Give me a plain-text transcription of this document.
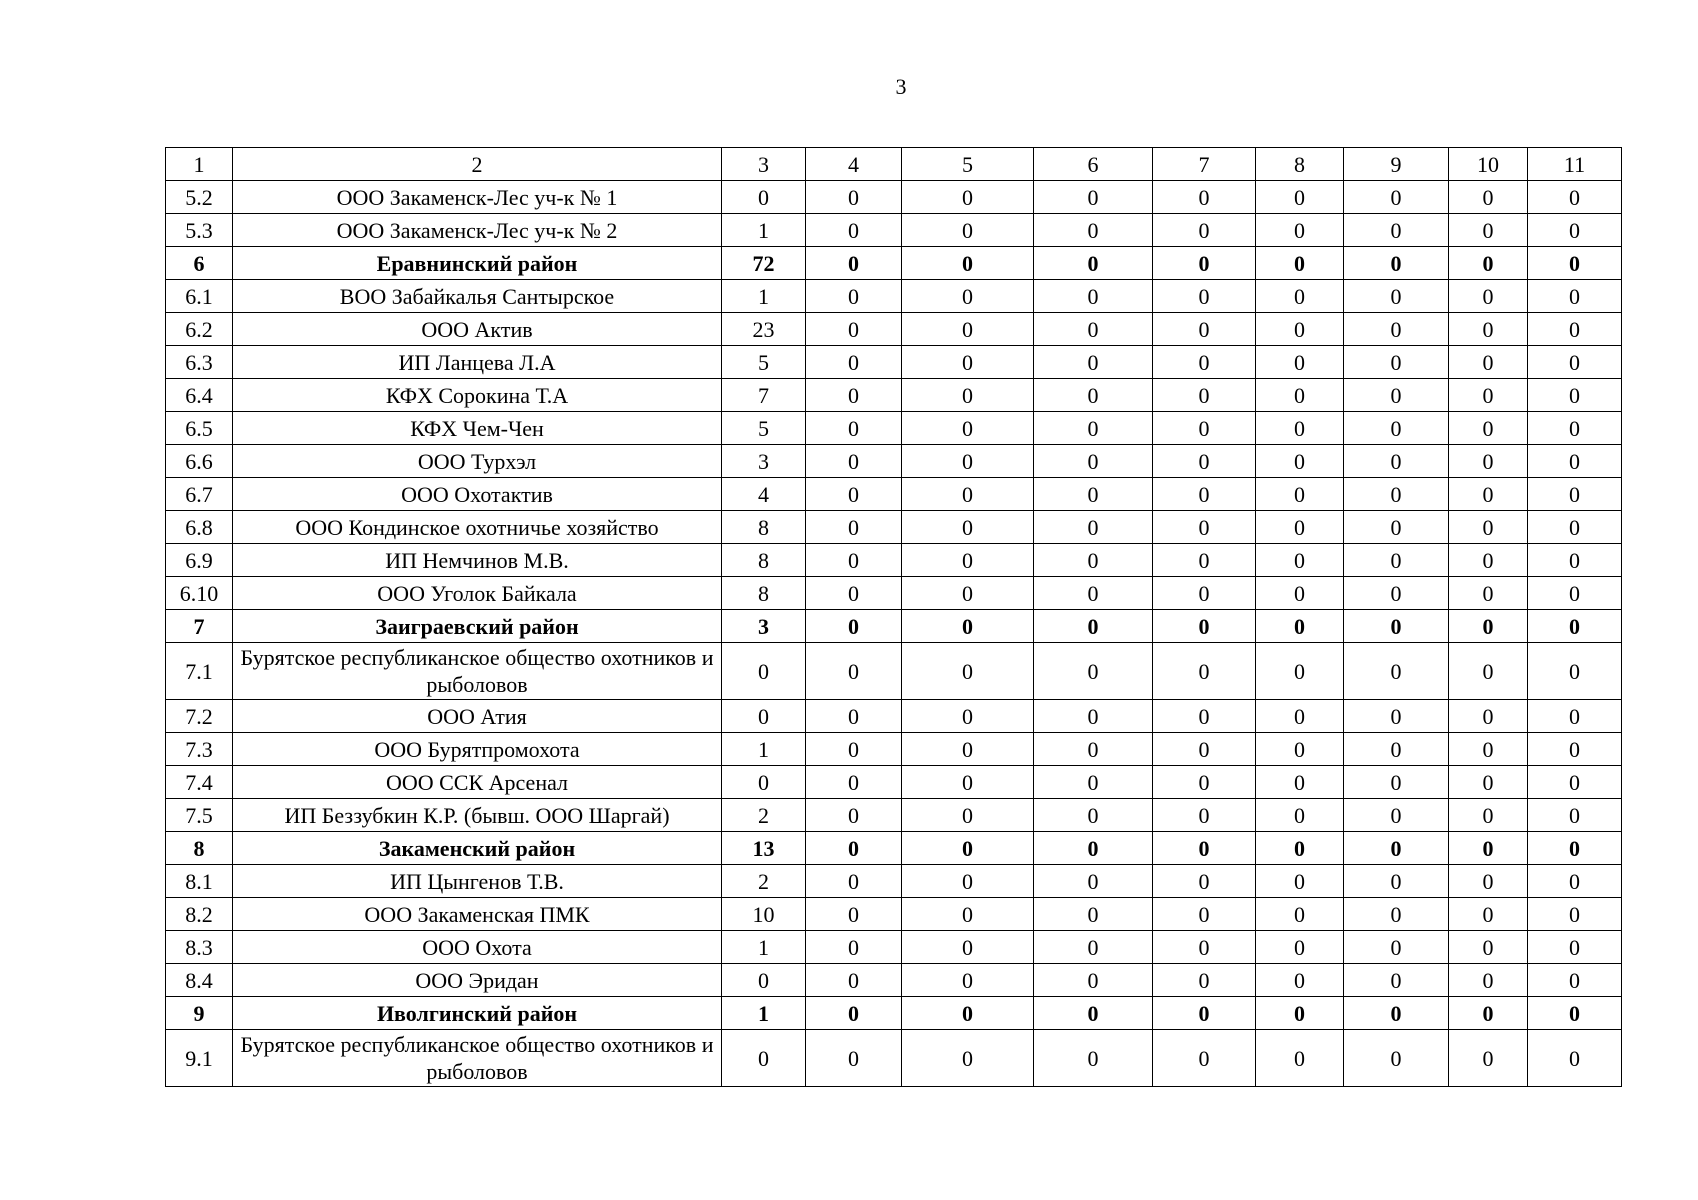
3
1	2	3	4	5	6	7	8	9	10	11
5.2	ООО Закаменск-Лес уч-к № 1	0	0	0	0	0	0	0	0	0
5.3	ООО Закаменск-Лес уч-к № 2	1	0	0	0	0	0	0	0	0
6	Еравнинский район	72	0	0	0	0	0	0	0	0
6.1	ВОО Забайкалья Сантырское	1	0	0	0	0	0	0	0	0
6.2	ООО Актив	23	0	0	0	0	0	0	0	0
6.3	ИП Ланцева Л.А	5	0	0	0	0	0	0	0	0
6.4	КФХ Сорокина Т.А	7	0	0	0	0	0	0	0	0
6.5	КФХ Чем-Чен	5	0	0	0	0	0	0	0	0
6.6	ООО Турхэл	3	0	0	0	0	0	0	0	0
6.7	ООО Охотактив	4	0	0	0	0	0	0	0	0
6.8	ООО Кондинское охотничье хозяйство	8	0	0	0	0	0	0	0	0
6.9	ИП Немчинов М.В.	8	0	0	0	0	0	0	0	0
6.10	ООО Уголок Байкала	8	0	0	0	0	0	0	0	0
7	Заиграевский район	3	0	0	0	0	0	0	0	0
7.1	Бурятское республиканское общество охотников и рыболовов	0	0	0	0	0	0	0	0	0
7.2	ООО Атия	0	0	0	0	0	0	0	0	0
7.3	ООО Бурятпромохота	1	0	0	0	0	0	0	0	0
7.4	ООО ССК Арсенал	0	0	0	0	0	0	0	0	0
7.5	ИП Беззубкин К.Р. (бывш. ООО Шаргай)	2	0	0	0	0	0	0	0	0
8	Закаменский район	13	0	0	0	0	0	0	0	0
8.1	ИП Цынгенов Т.В.	2	0	0	0	0	0	0	0	0
8.2	ООО Закаменская ПМК	10	0	0	0	0	0	0	0	0
8.3	ООО Охота	1	0	0	0	0	0	0	0	0
8.4	ООО Эридан	0	0	0	0	0	0	0	0	0
9	Иволгинский район	1	0	0	0	0	0	0	0	0
9.1	Бурятское республиканское общество охотников и рыболовов	0	0	0	0	0	0	0	0	0
